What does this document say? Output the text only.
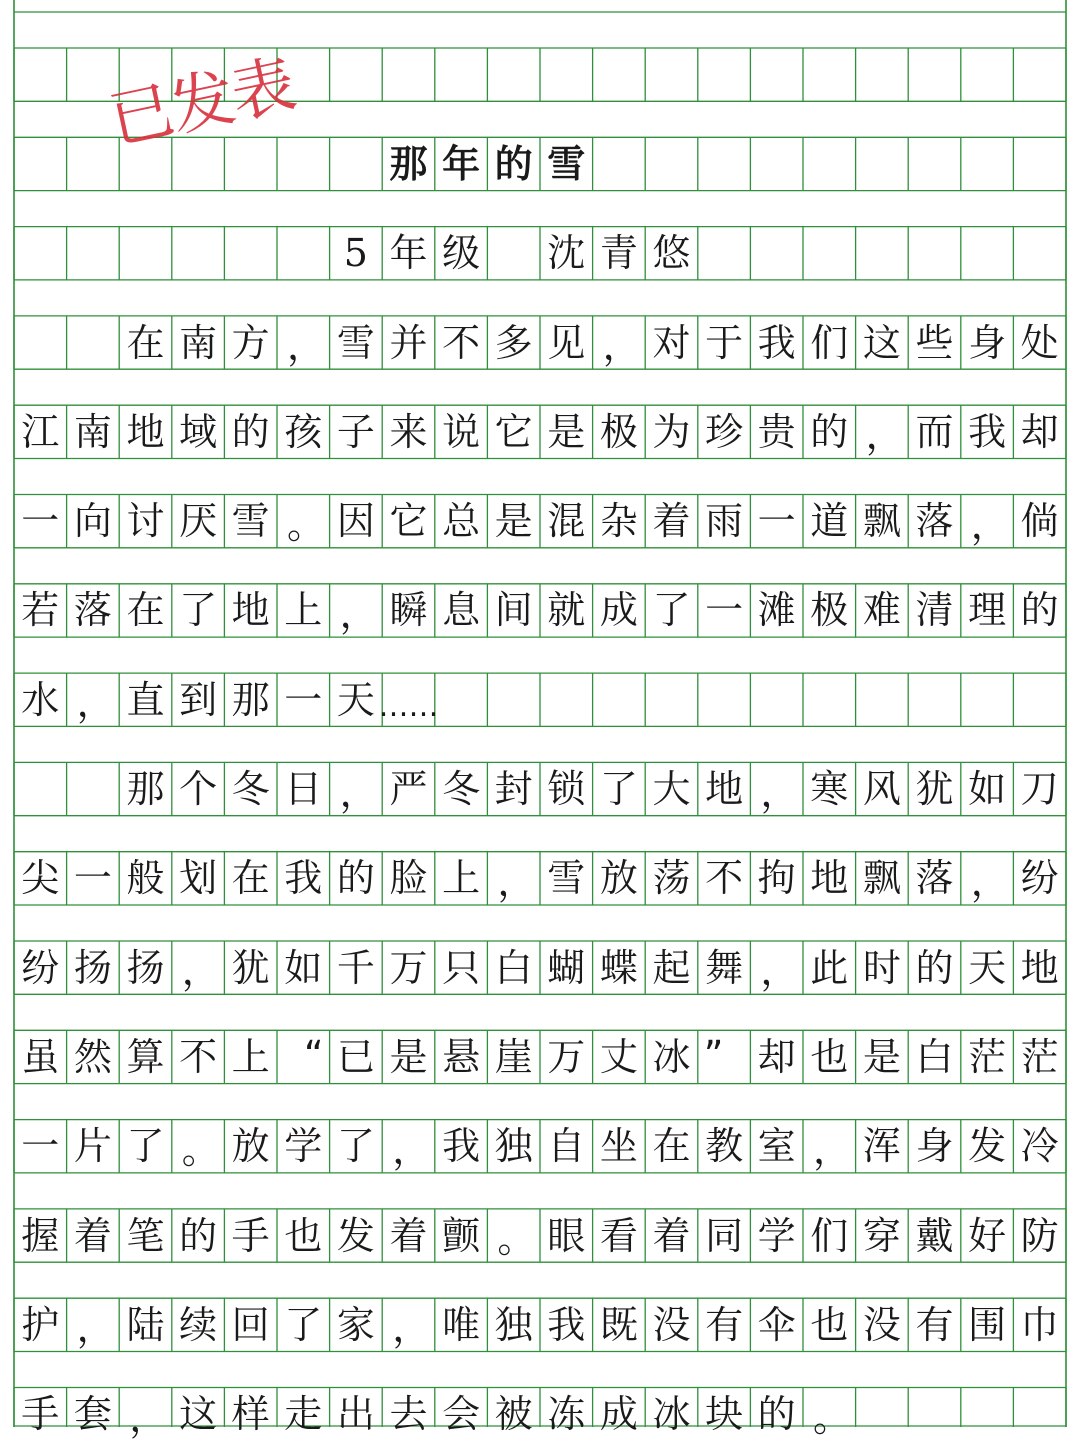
那 年 的 雪
5 年 级 沈 青 悠
在 南 方 ， 雪 并 不 多 见 ， 对 于 我 们 这 些 身 处
江 南 地 域 的 孩 子 来 说 它 是 极 为 珍 贵 的 ， 而 我 却
一 向 讨 厌 雪 。 因 它 总 是 混 杂 着 雨 一 道 飘 落 ， 倘
若 落 在 了 地 上 ， 瞬 息 间 就 成 了 一 滩 极 难 清 理 的
水 ， 直 到 那 一 天 ……
那 个 冬 日 ， 严 冬 封 锁 了 大 地 ， 寒 风 犹 如 刀
尖 一 般 划 在 我 的 脸 上 ， 雪 放 荡 不 拘 地 飘 落 ， 纷
纷 扬 扬 ， 犹 如 千 万 只 白 蝴 蝶 起 舞 ， 此 时 的 天 地
虽 然 算 不 上 “ 已 是 悬 崖 万 丈 冰 ” 却 也 是 白 茫 茫
一 片 了 。 放 学 了 ， 我 独 自 坐 在 教 室 ， 浑 身 发 冷
握 着 笔 的 手 也 发 着 颤 。 眼 看 着 同 学 们 穿 戴 好 防
护 ， 陆 续 回 了 家 ， 唯 独 我 既 没 有 伞 也 没 有 围 巾
手 套 ， 这 样 走 出 去 会 被 冻 成 冰 块 的 。
已发表
